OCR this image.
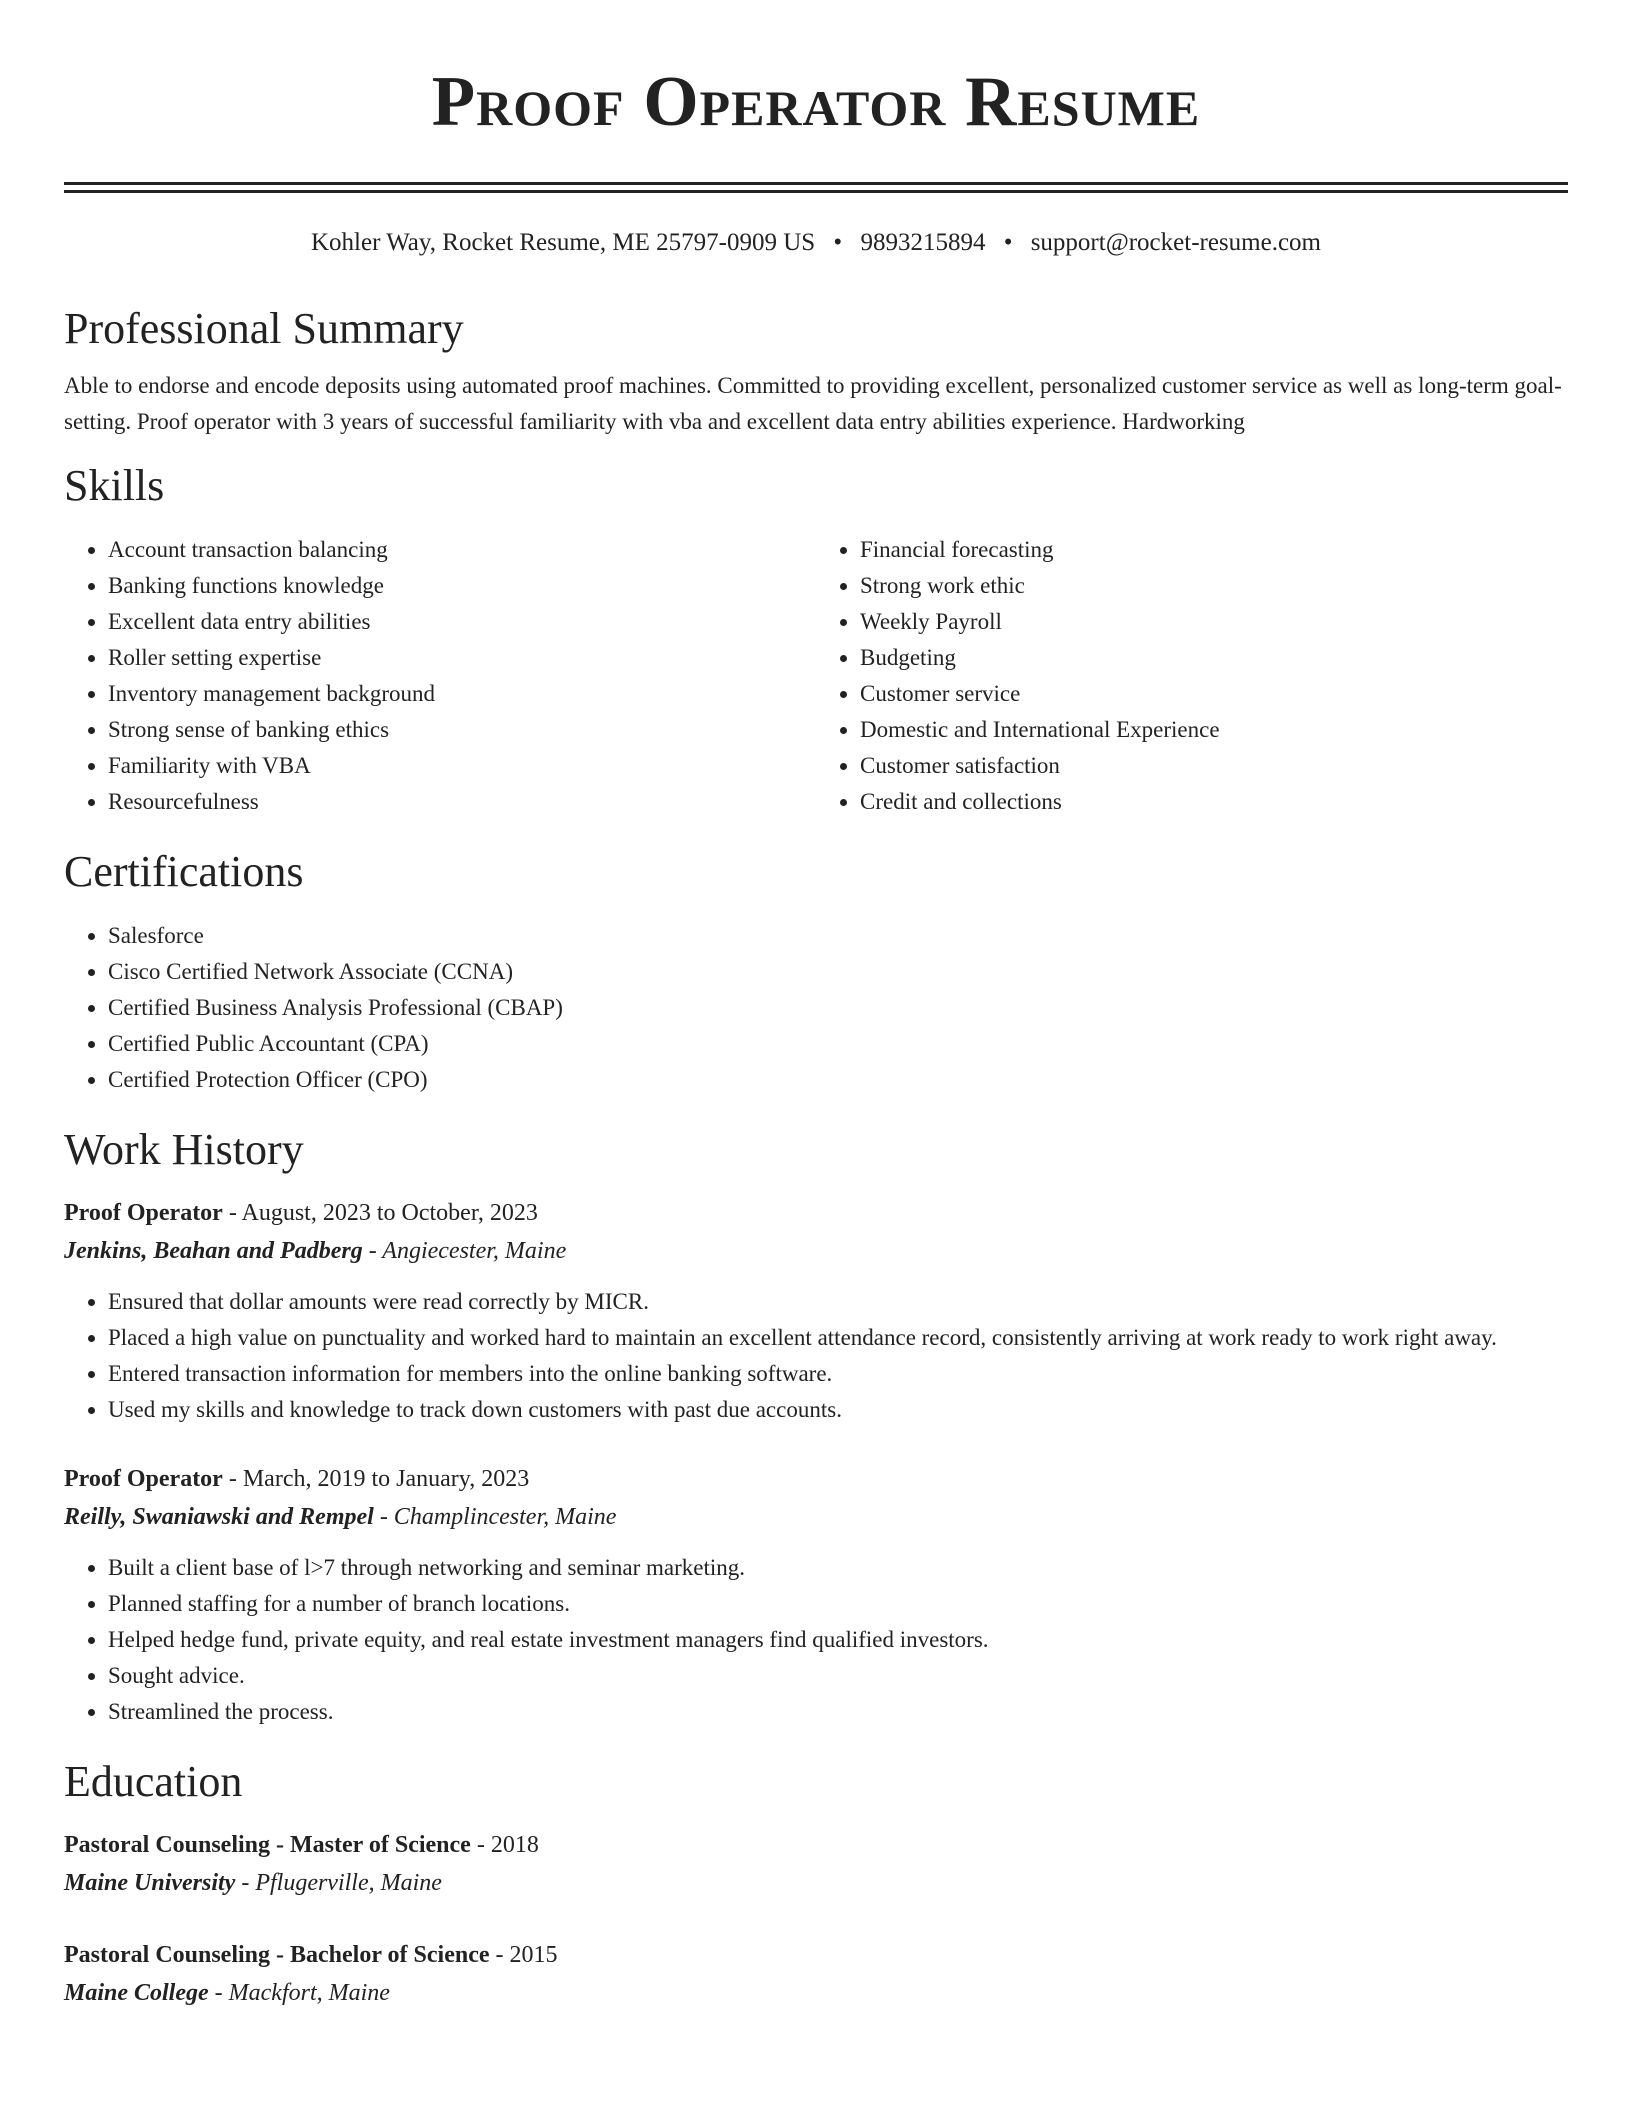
Proof Operator Resume
Kohler Way, Rocket Resume, ME 25797-0909 US • 9893215894 • support@rocket-resume.com
Professional Summary

Able to endorse and encode deposits using automated proof machines. Committed to providing excellent, personalized customer service as well as long-term goal-setting. Proof operator with 3 years of successful familiarity with vba and excellent data entry abilities experience. Hardworking

Skills
• Account transaction balancing
• Banking functions knowledge
• Excellent data entry abilities
• Roller setting expertise
• Inventory management background
• Strong sense of banking ethics
• Familiarity with VBA
• Resourcefulness
• Financial forecasting
• Strong work ethic
• Weekly Payroll
• Budgeting
• Customer service
• Domestic and International Experience
• Customer satisfaction
• Credit and collections
Certifications
• Salesforce
• Cisco Certified Network Associate (CCNA)
• Certified Business Analysis Professional (CBAP)
• Certified Public Accountant (CPA)
• Certified Protection Officer (CPO)
Work History
Proof Operator - August, 2023 to October, 2023
Jenkins, Beahan and Padberg - Angiecester, Maine
• Ensured that dollar amounts were read correctly by MICR.
• Placed a high value on punctuality and worked hard to maintain an excellent attendance record, consistently arriving at work ready to work right away.
• Entered transaction information for members into the online banking software.
• Used my skills and knowledge to track down customers with past due accounts.
Proof Operator - March, 2019 to January, 2023
Reilly, Swaniawski and Rempel - Champlincester, Maine
• Built a client base of l>7 through networking and seminar marketing.
• Planned staffing for a number of branch locations.
• Helped hedge fund, private equity, and real estate investment managers find qualified investors.
• Sought advice.
• Streamlined the process.
Education
Pastoral Counseling - Master of Science - 2018
Maine University - Pflugerville, Maine
Pastoral Counseling - Bachelor of Science - 2015
Maine College - Mackfort, Maine
